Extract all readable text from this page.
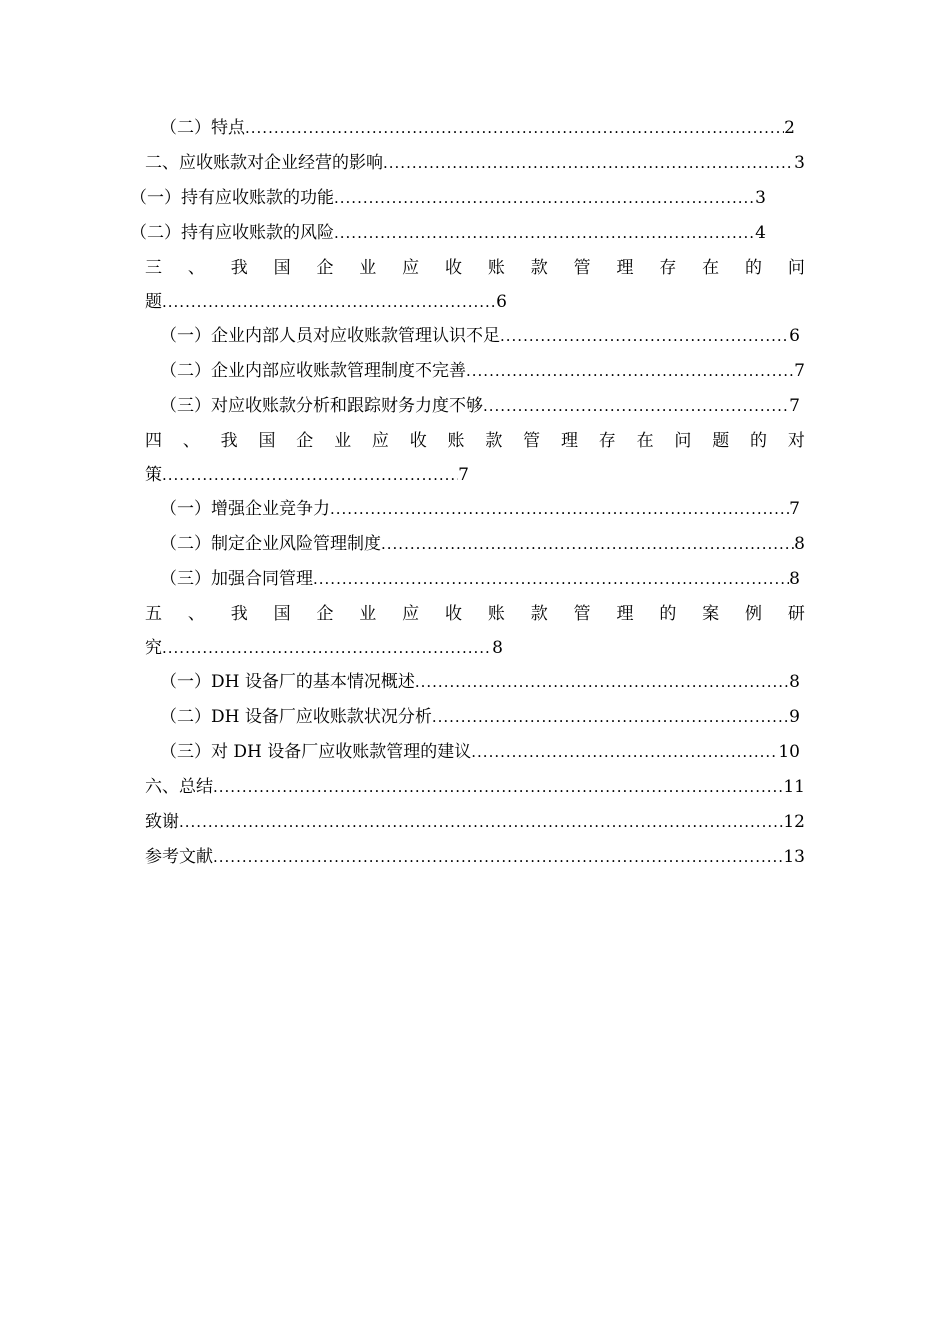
（二）特点 .....	2
二、应收账款对企业经营的影响 .....	3
（一）持有应收账款的功能 .....	3
（二）持有应收账款的风险 .....	4
三 、 我 国 企 业 应 收 账 款 管 理 存 在 的 问
题 .....	6
（一）企业内部人员对应收账款管理认识不足 .....	6
（二）企业内部应收账款管理制度不完善 .....	7
（三）对应收账款分析和跟踪财务力度不够 .....	7
四 、 我 国 企 业 应 收 账 款 管 理 存 在 问 题 的 对
策 .....	7
（一）增强企业竞争力 .....	7
（二）制定企业风险管理制度 .....	8
（三）加强合同管理 .....	8
五 、 我 国 企 业 应 收 账 款 管 理 的 案 例 研
究 .....	8
（一）DH 设备厂的基本情况概述 .....	8
（二）DH 设备厂应收账款状况分析 .....	9
（三）对 DH 设备厂应收账款管理的建议 .....	10
六、总结 .....	11
致谢 .....	12
参考文献 .....	13
